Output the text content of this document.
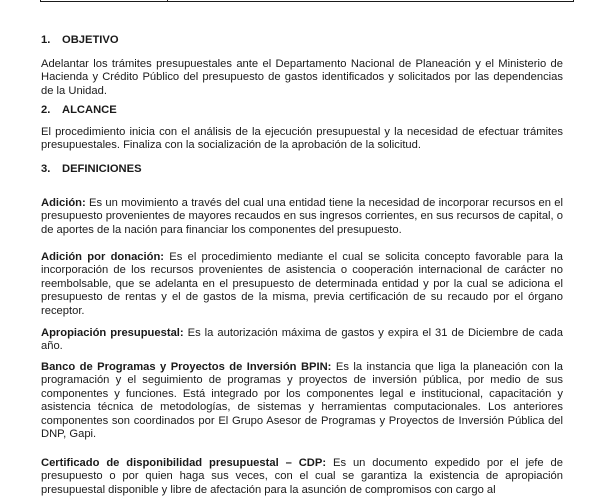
1. OBJETIVO

Adelantar los trámites presupuestales ante el Departamento Nacional de Planeación y el Ministerio de Hacienda y Crédito Público del presupuesto de gastos identificados y solicitados por las dependencias de la Unidad.

2. ALCANCE

El procedimiento inicia con el análisis de la ejecución presupuestal y la necesidad de efectuar trámites presupuestales. Finaliza con la socialización de la aprobación de la solicitud.

3. DEFINICIONES

Adición: Es un movimiento a través del cual una entidad tiene la necesidad de incorporar recursos en el presupuesto provenientes de mayores recaudos en sus ingresos corrientes, en sus recursos de capital, o de aportes de la nación para financiar los componentes del presupuesto.

Adición por donación: Es el procedimiento mediante el cual se solicita concepto favorable para la incorporación de los recursos provenientes de asistencia o cooperación internacional de carácter no reembolsable, que se adelanta en el presupuesto de determinada entidad y por la cual se adiciona el presupuesto de rentas y el de gastos de la misma, previa certificación de su recaudo por el órgano receptor.

Apropiación presupuestal: Es la autorización máxima de gastos y expira el 31 de Diciembre de cada año.

Banco de Programas y Proyectos de Inversión BPIN: Es la instancia que liga la planeación con la programación y el seguimiento de programas y proyectos de inversión pública, por medio de sus componentes y funciones. Está integrado por los componentes legal e institucional, capacitación y asistencia técnica de metodologías, de sistemas y herramientas computacionales. Los anteriores componentes son coordinados por El Grupo Asesor de Programas y Proyectos de Inversión Pública del DNP, Gapi.

Certificado de disponibilidad presupuestal – CDP: Es un documento expedido por el jefe de presupuesto o por quien haga sus veces, con el cual se garantiza la existencia de apropiación presupuestal disponible y libre de afectación para la asunción de compromisos con cargo al
